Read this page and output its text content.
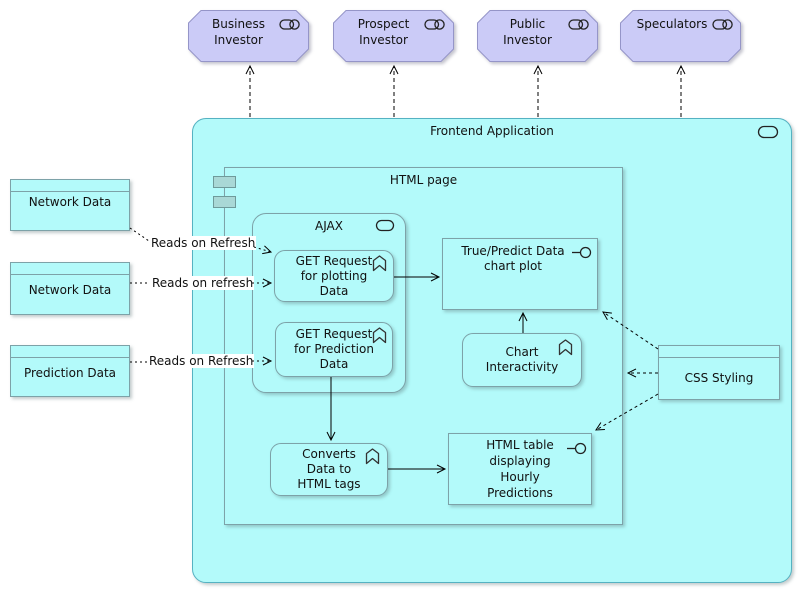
Frontend Application
HTML page
AJAX
GET Request
for plotting
Data
GET Request
for Prediction
Data
True/Predict Data
chart plot
Chart
Interactivity
Converts
Data to
HTML tags
HTML table
displaying
Hourly
Predictions
CSS Styling
Network Data
Network Data
Prediction Data
Business
Investor
Prospect
Investor
Public
Investor
Speculators
Reads on Refresh
Reads on refresh
Reads on Refresh
